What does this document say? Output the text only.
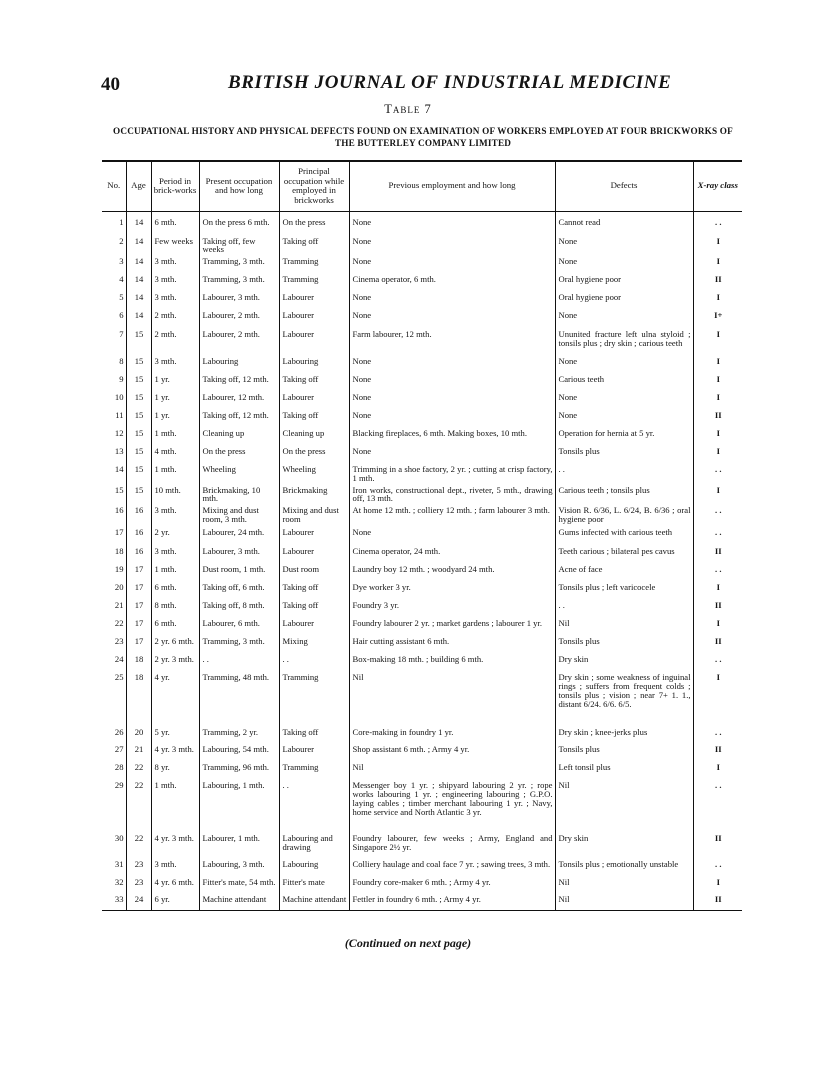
40	BRITISH JOURNAL OF INDUSTRIAL MEDICINE
Table 7
OCCUPATIONAL HISTORY AND PHYSICAL DEFECTS FOUND ON EXAMINATION OF WORKERS EMPLOYED AT FOUR BRICKWORKS OF THE BUTTERLEY COMPANY LIMITED
No.	Age	Period in brick-works	Present occupation and how long	Principal occupation while employed in brickworks	Previous employment and how long	Defects	X-ray class
1	14	6 mth.	On the press 6 mth.	On the press	None	Cannot read	. .
2	14	Few weeks	Taking off, few weeks	Taking off	None	None	I
3	14	3 mth.	Tramming, 3 mth.	Tramming	None	None	I
4	14	3 mth.	Tramming, 3 mth.	Tramming	Cinema operator, 6 mth.	Oral hygiene poor	II
5	14	3 mth.	Labourer, 3 mth.	Labourer	None	Oral hygiene poor	I
6	14	2 mth.	Labourer, 2 mth.	Labourer	None	None	I+
7	15	2 mth.	Labourer, 2 mth.	Labourer	Farm labourer, 12 mth.	Ununited fracture left ulna styloid ; tonsils plus ; dry skin ; carious teeth	I
8	15	3 mth.	Labouring	Labouring	None	None	I
9	15	1 yr.	Taking off, 12 mth.	Taking off	None	Carious teeth	I
10	15	1 yr.	Labourer, 12 mth.	Labourer	None	None	I
11	15	1 yr.	Taking off, 12 mth.	Taking off	None	None	II
12	15	1 mth.	Cleaning up	Cleaning up	Blacking fireplaces, 6 mth. Making boxes, 10 mth.	Operation for hernia at 5 yr.	I
13	15	4 mth.	On the press	On the press	None	Tonsils plus	I
14	15	1 mth.	Wheeling	Wheeling	Trimming in a shoe factory, 2 yr. ; cutting at crisp factory, 1 mth.	. .	. .
15	15	10 mth.	Brickmaking, 10 mth.	Brickmaking	Iron works, constructional dept., riveter, 5 mth., drawing off, 13 mth.	Carious teeth ; tonsils plus	I
16	16	3 mth.	Mixing and dust room, 3 mth.	Mixing and dust room	At home 12 mth. ; colliery 12 mth. ; farm labourer 3 mth.	Vision R. 6/36, L. 6/24, B. 6/36 ; oral hygiene poor	. .
17	16	2 yr.	Labourer, 24 mth.	Labourer	None	Gums infected with carious teeth	. .
18	16	3 mth.	Labourer, 3 mth.	Labourer	Cinema operator, 24 mth.	Teeth carious ; bilateral pes cavus	II
19	17	1 mth.	Dust room, 1 mth.	Dust room	Laundry boy 12 mth. ; woodyard 24 mth.	Acne of face	. .
20	17	6 mth.	Taking off, 6 mth.	Taking off	Dye worker 3 yr.	Tonsils plus ; left varicocele	I
21	17	8 mth.	Taking off, 8 mth.	Taking off	Foundry 3 yr.	. .	II
22	17	6 mth.	Labourer, 6 mth.	Labourer	Foundry labourer 2 yr. ; market gardens ; labourer 1 yr.	Nil	I
23	17	2 yr. 6 mth.	Tramming, 3 mth.	Mixing	Hair cutting assistant 6 mth.	Tonsils plus	II
24	18	2 yr. 3 mth.	. .	. .	Box-making 18 mth. ; building 6 mth.	Dry skin	. .
25	18	4 yr.	Tramming, 48 mth.	Tramming	Nil	Dry skin ; some weakness of inguinal rings ; suffers from frequent colds ; tonsils plus ; vision ; near 7+ 1. 1., distant 6/24. 6/6. 6/5.	I
26	20	5 yr.	Tramming, 2 yr.	Taking off	Core-making in foundry 1 yr.	Dry skin ; knee-jerks plus	. .
27	21	4 yr. 3 mth.	Labouring, 54 mth.	Labourer	Shop assistant 6 mth. ; Army 4 yr.	Tonsils plus	II
28	22	8 yr.	Tramming, 96 mth.	Tramming	Nil	Left tonsil plus	I
29	22	1 mth.	Labouring, 1 mth.	. .	Messenger boy 1 yr. ; shipyard labouring 2 yr. ; rope works labouring 1 yr. ; engineering labouring ; G.P.O. laying cables ; timber merchant labouring 1 yr. ; Navy, home service and North Atlantic 3 yr.	Nil	. .
30	22	4 yr. 3 mth.	Labourer, 1 mth.	Labouring and drawing	Foundry labourer, few weeks ; Army, England and Singapore 2½ yr.	Dry skin	II
31	23	3 mth.	Labouring, 3 mth.	Labouring	Colliery haulage and coal face 7 yr. ; sawing trees, 3 mth.	Tonsils plus ; emotionally unstable	. .
32	23	4 yr. 6 mth.	Fitter's mate, 54 mth.	Fitter's mate	Foundry core-maker 6 mth. ; Army 4 yr.	Nil	I
33	24	6 yr.	Machine attendant	Machine attendant	Fettler in foundry 6 mth. ; Army 4 yr.	Nil	II
(Continued on next page)
